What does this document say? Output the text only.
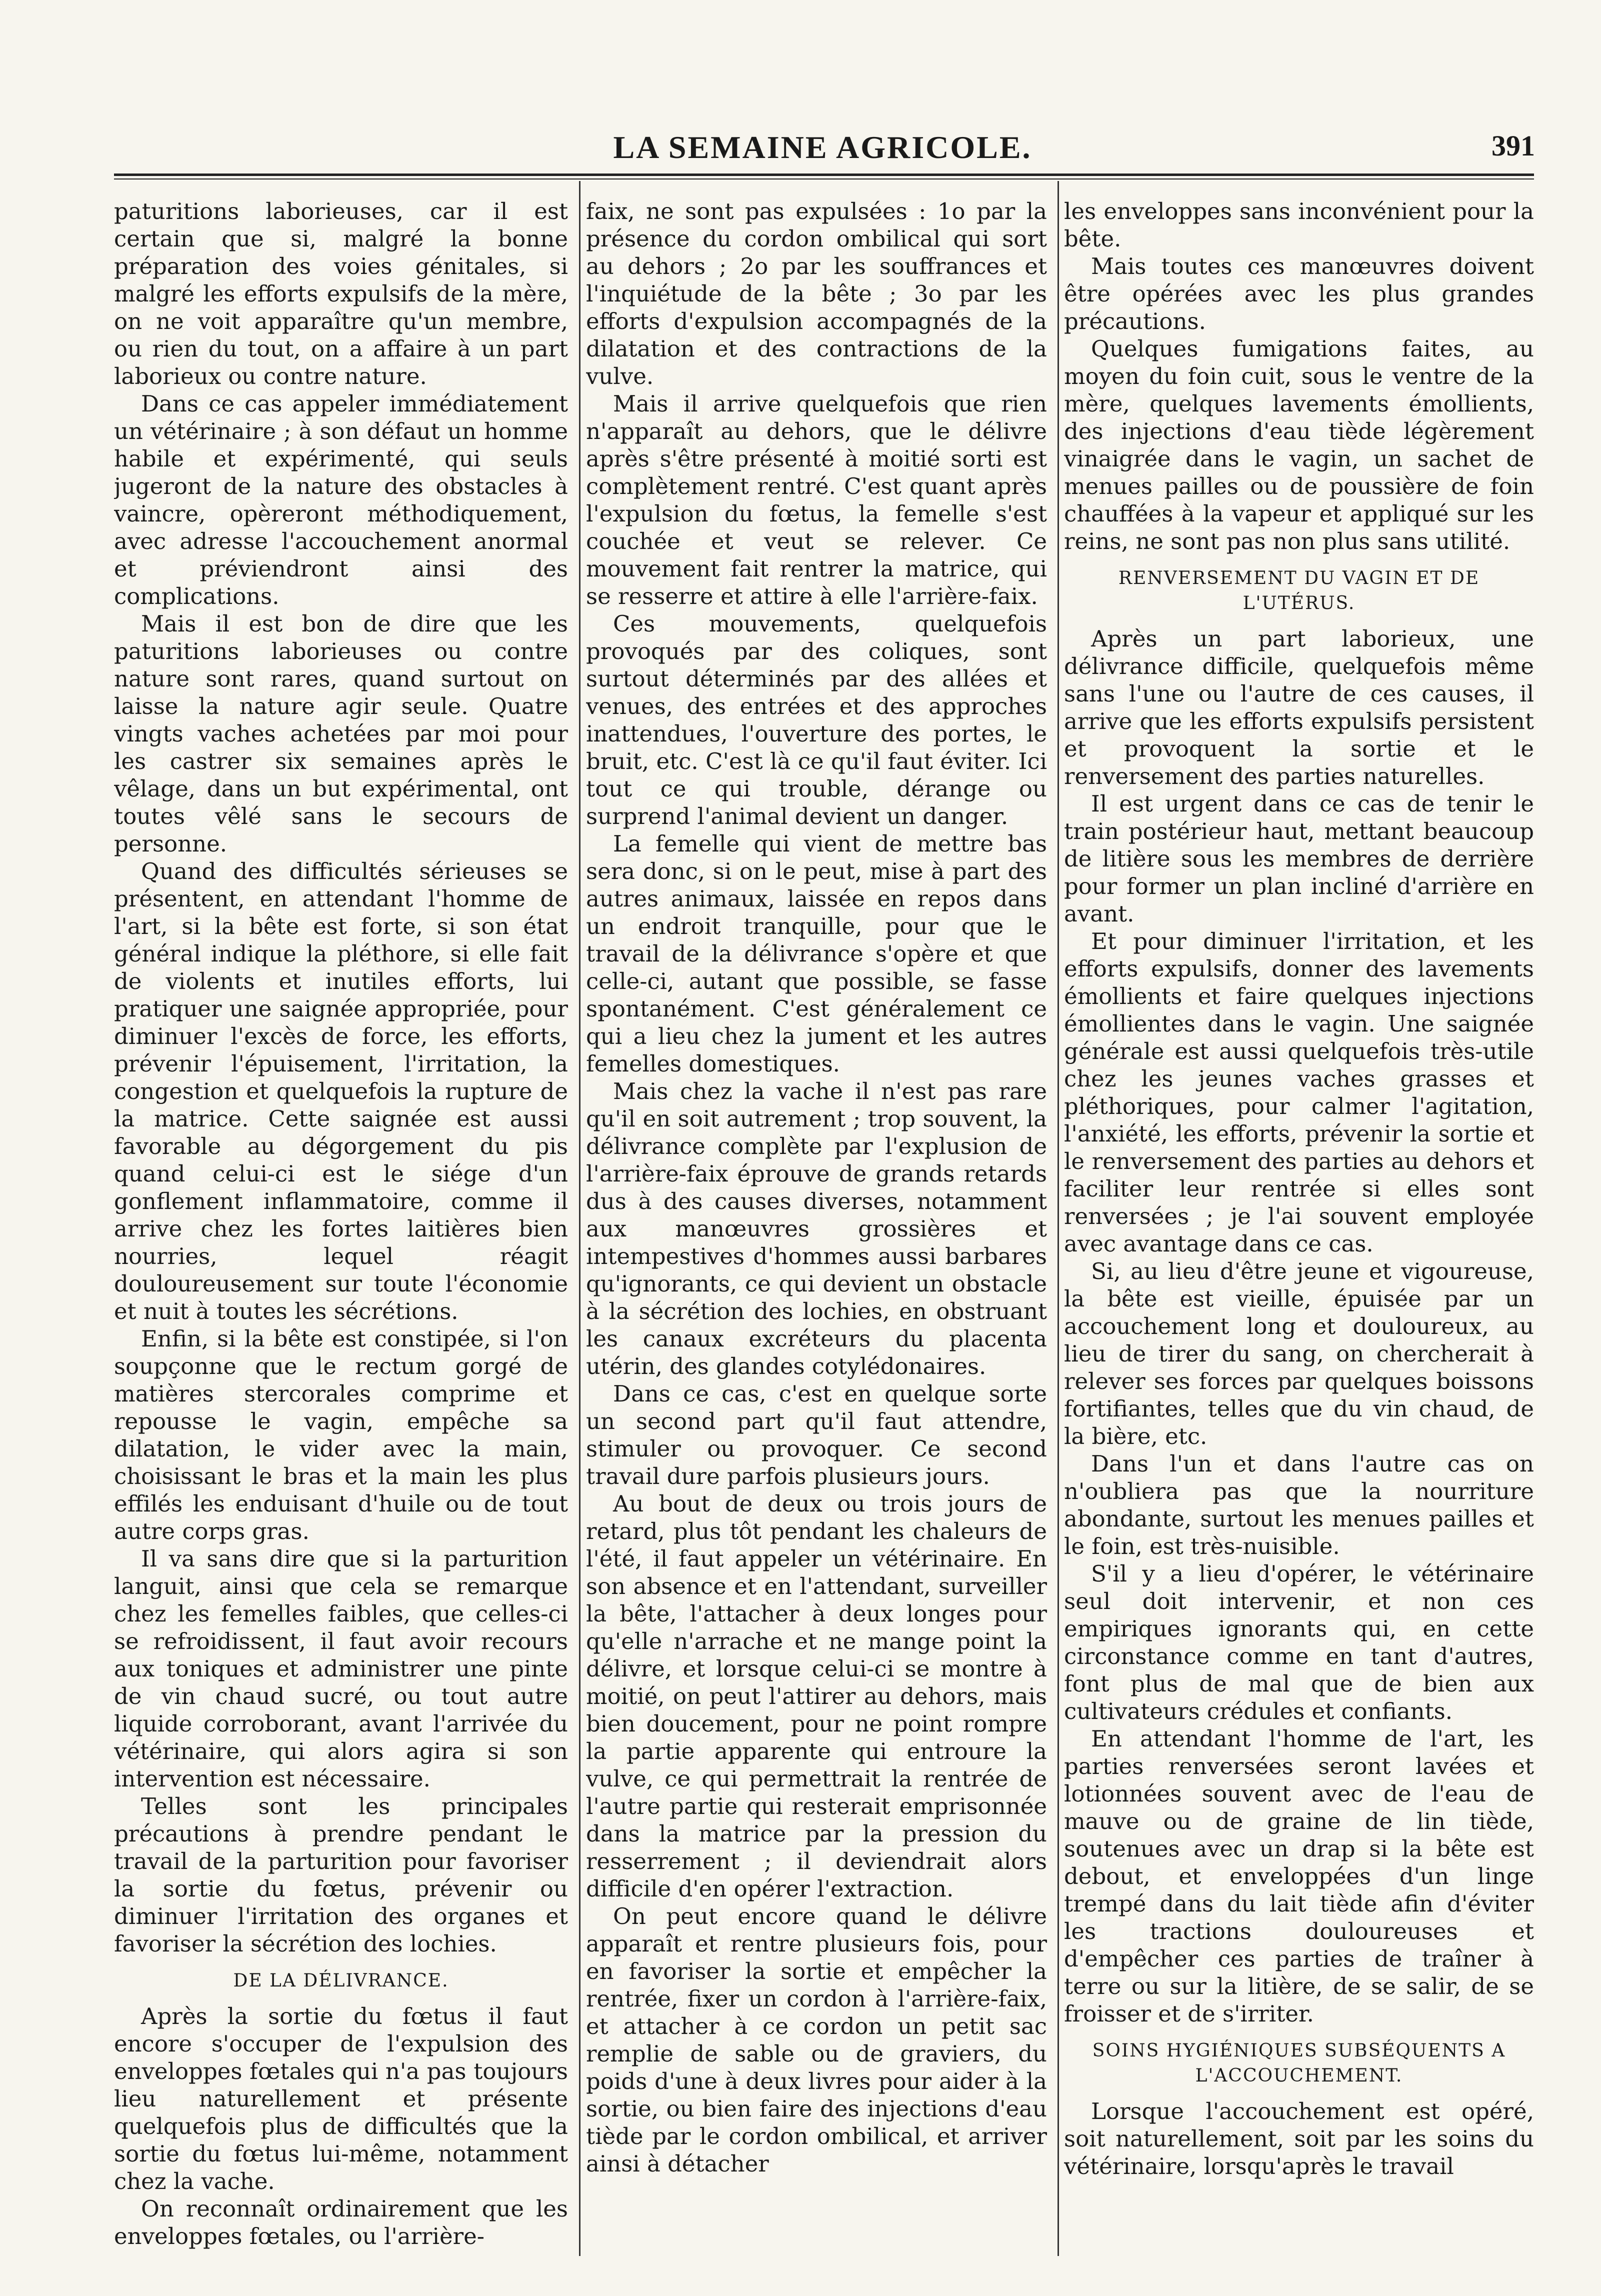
LA SEMAINE AGRICOLE.	391

paturitions laborieuses, car il est certain que si, malgré la bonne préparation des voies génitales, si malgré les efforts expulsifs de la mère, on ne voit apparaître qu'un membre, ou rien du tout, on a affaire à un part laborieux ou contre nature.

Dans ce cas appeler immédiatement un vétérinaire ; à son défaut un homme habile et expérimenté, qui seuls jugeront de la nature des obstacles à vaincre, opèreront méthodiquement, avec adresse l'accouchement anormal et préviendront ainsi des complications.

Mais il est bon de dire que les paturitions laborieuses ou contre nature sont rares, quand surtout on laisse la nature agir seule. Quatre vingts vaches achetées par moi pour les castrer six semaines après le vêlage, dans un but expérimental, ont toutes vêlé sans le secours de personne.

Quand des difficultés sérieuses se présentent, en attendant l'homme de l'art, si la bête est forte, si son état général indique la pléthore, si elle fait de violents et inutiles efforts, lui pratiquer une saignée appropriée, pour diminuer l'excès de force, les efforts, prévenir l'épuisement, l'irritation, la congestion et quelquefois la rupture de la matrice. Cette saignée est aussi favorable au dégorgement du pis quand celui-ci est le siége d'un gonflement inflammatoire, comme il arrive chez les fortes laitières bien nourries, lequel réagit douloureusement sur toute l'économie et nuit à toutes les sécrétions.

Enfin, si la bête est constipée, si l'on soupçonne que le rectum gorgé de matières stercorales comprime et repousse le vagin, empêche sa dilatation, le vider avec la main, choisissant le bras et la main les plus effilés les enduisant d'huile ou de tout autre corps gras.

Il va sans dire que si la parturition languit, ainsi que cela se remarque chez les femelles faibles, que celles-ci se refroidissent, il faut avoir recours aux toniques et administrer une pinte de vin chaud sucré, ou tout autre liquide corroborant, avant l'arrivée du vétérinaire, qui alors agira si son intervention est nécessaire.

Telles sont les principales précautions à prendre pendant le travail de la parturition pour favoriser la sortie du fœtus, prévenir ou diminuer l'irritation des organes et favoriser la sécrétion des lochies.

DE LA DÉLIVRANCE.

Après la sortie du fœtus il faut encore s'occuper de l'expulsion des enveloppes fœtales qui n'a pas toujours lieu naturellement et présente quelquefois plus de difficultés que la sortie du fœtus lui-même, notamment chez la vache.

On reconnaît ordinairement que les enveloppes fœtales, ou l'arrière-

faix, ne sont pas expulsées : 1o par la présence du cordon ombilical qui sort au dehors ; 2o par les souffrances et l'inquiétude de la bête ; 3o par les efforts d'expulsion accompagnés de la dilatation et des contractions de la vulve.

Mais il arrive quelquefois que rien n'apparaît au dehors, que le délivre après s'être présenté à moitié sorti est complètement rentré. C'est quant après l'expulsion du fœtus, la femelle s'est couchée et veut se relever. Ce mouvement fait rentrer la matrice, qui se resserre et attire à elle l'arrière-faix.

Ces mouvements, quelquefois provoqués par des coliques, sont surtout déterminés par des allées et venues, des entrées et des approches inattendues, l'ouverture des portes, le bruit, etc. C'est là ce qu'il faut éviter. Ici tout ce qui trouble, dérange ou surprend l'animal devient un danger.

La femelle qui vient de mettre bas sera donc, si on le peut, mise à part des autres animaux, laissée en repos dans un endroit tranquille, pour que le travail de la délivrance s'opère et que celle-ci, autant que possible, se fasse spontanément. C'est généralement ce qui a lieu chez la jument et les autres femelles domestiques.

Mais chez la vache il n'est pas rare qu'il en soit autrement ; trop souvent, la délivrance complète par l'explusion de l'arrière-faix éprouve de grands retards dus à des causes diverses, notamment aux manœuvres grossières et intempestives d'hommes aussi barbares qu'ignorants, ce qui devient un obstacle à la sécrétion des lochies, en obstruant les canaux excréteurs du placenta utérin, des glandes cotylédonaires.

Dans ce cas, c'est en quelque sorte un second part qu'il faut attendre, stimuler ou provoquer. Ce second travail dure parfois plusieurs jours.

Au bout de deux ou trois jours de retard, plus tôt pendant les chaleurs de l'été, il faut appeler un vétérinaire. En son absence et en l'attendant, surveiller la bête, l'attacher à deux longes pour qu'elle n'arrache et ne mange point la délivre, et lorsque celui-ci se montre à moitié, on peut l'attirer au dehors, mais bien doucement, pour ne point rompre la partie apparente qui entroure la vulve, ce qui permettrait la rentrée de l'autre partie qui resterait emprisonnée dans la matrice par la pression du resserrement ; il deviendrait alors difficile d'en opérer l'extraction.

On peut encore quand le délivre apparaît et rentre plusieurs fois, pour en favoriser la sortie et empêcher la rentrée, fixer un cordon à l'arrière-faix, et attacher à ce cordon un petit sac remplie de sable ou de graviers, du poids d'une à deux livres pour aider à la sortie, ou bien faire des injections d'eau tiède par le cordon ombilical, et arriver ainsi à détacher

les enveloppes sans inconvénient pour la bête.

Mais toutes ces manœuvres doivent être opérées avec les plus grandes précautions.

Quelques fumigations faites, au moyen du foin cuit, sous le ventre de la mère, quelques lavements émollients, des injections d'eau tiède légèrement vinaigrée dans le vagin, un sachet de menues pailles ou de poussière de foin chauffées à la vapeur et appliqué sur les reins, ne sont pas non plus sans utilité.

RENVERSEMENT DU VAGIN ET DE L'UTÉRUS.

Après un part laborieux, une délivrance difficile, quelquefois même sans l'une ou l'autre de ces causes, il arrive que les efforts expulsifs persistent et provoquent la sortie et le renversement des parties naturelles.

Il est urgent dans ce cas de tenir le train postérieur haut, mettant beaucoup de litière sous les membres de derrière pour former un plan incliné d'arrière en avant.

Et pour diminuer l'irritation, et les efforts expulsifs, donner des lavements émollients et faire quelques injections émollientes dans le vagin. Une saignée générale est aussi quelquefois très-utile chez les jeunes vaches grasses et pléthoriques, pour calmer l'agitation, l'anxiété, les efforts, prévenir la sortie et le renversement des parties au dehors et faciliter leur rentrée si elles sont renversées ; je l'ai souvent employée avec avantage dans ce cas.

Si, au lieu d'être jeune et vigoureuse, la bête est vieille, épuisée par un accouchement long et douloureux, au lieu de tirer du sang, on chercherait à relever ses forces par quelques boissons fortifiantes, telles que du vin chaud, de la bière, etc.

Dans l'un et dans l'autre cas on n'oubliera pas que la nourriture abondante, surtout les menues pailles et le foin, est très-nuisible.

S'il y a lieu d'opérer, le vétérinaire seul doit intervenir, et non ces empiriques ignorants qui, en cette circonstance comme en tant d'autres, font plus de mal que de bien aux cultivateurs crédules et confiants.

En attendant l'homme de l'art, les parties renversées seront lavées et lotionnées souvent avec de l'eau de mauve ou de graine de lin tiède, soutenues avec un drap si la bête est debout, et enveloppées d'un linge trempé dans du lait tiède afin d'éviter les tractions douloureuses et d'empêcher ces parties de traîner à terre ou sur la litière, de se salir, de se froisser et de s'irriter.

SOINS HYGIÉNIQUES SUBSÉQUENTS A L'ACCOUCHEMENT.

Lorsque l'accouchement est opéré, soit naturellement, soit par les soins du vétérinaire, lorsqu'après le travail
